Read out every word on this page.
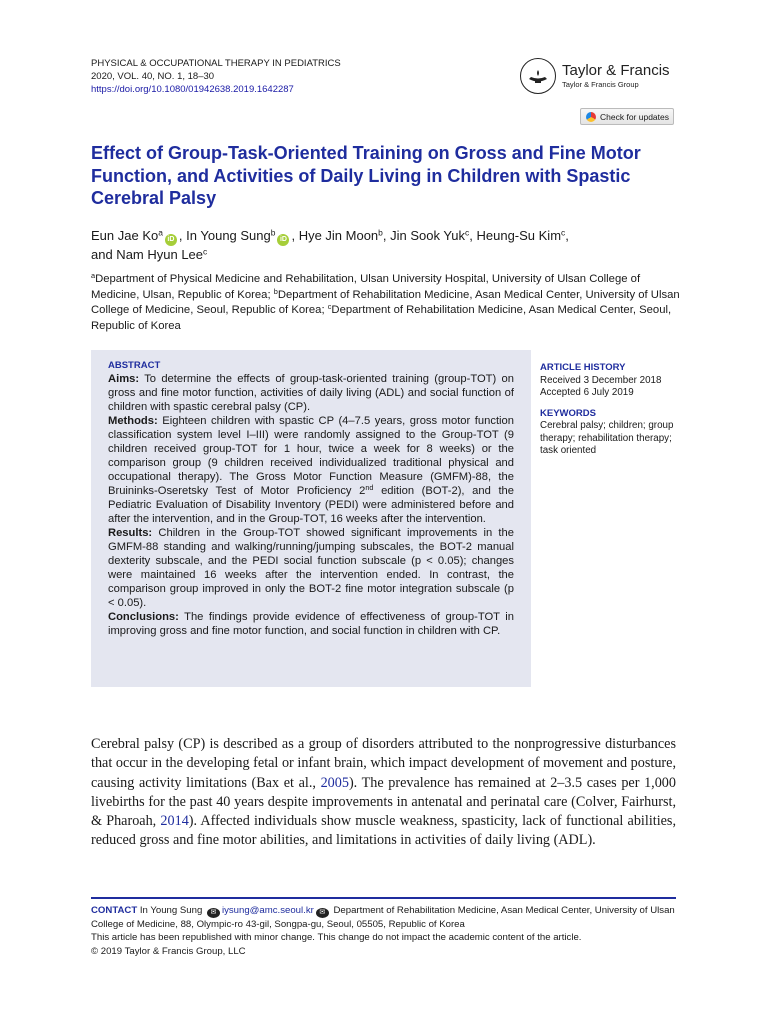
PHYSICAL & OCCUPATIONAL THERAPY IN PEDIATRICS
2020, VOL. 40, NO. 1, 18–30
https://doi.org/10.1080/01942638.2019.1642287
Taylor & Francis
Taylor & Francis Group
Check for updates
Effect of Group-Task-Oriented Training on Gross and Fine Motor Function, and Activities of Daily Living in Children with Spastic Cerebral Palsy
Eun Jae Ko$^a$iD , In Young Sung$^b$iD , Hye Jin Moon$^b$, Jin Sook Yuk$^c$, Heung-Su Kim$^c$,
and Nam Hyun Lee$^c$
$^a$Department of Physical Medicine and Rehabilitation, Ulsan University Hospital, University of Ulsan College of Medicine, Ulsan, Republic of Korea; $^b$Department of Rehabilitation Medicine, Asan Medical Center, University of Ulsan College of Medicine, Seoul, Republic of Korea; $^c$Department of Rehabilitation Medicine, Asan Medical Center, Seoul, Republic of Korea
ABSTRACT

Aims: To determine the effects of group-task-oriented training (group-TOT) on gross and fine motor function, activities of daily living (ADL) and social function of children with spastic cerebral palsy (CP).

Methods: Eighteen children with spastic CP (4–7.5 years, gross motor function classification system level I–III) were randomly assigned to the Group-TOT (9 children received group-TOT for 1 hour, twice a week for 8 weeks) or the comparison group (9 children received individualized traditional physical and occupational therapy). The Gross Motor Function Measure (GMFM)-88, the Bruininks-Oseretsky Test of Motor Proficiency 2nd edition (BOT-2), and the Pediatric Evaluation of Disability Inventory (PEDI) were administered before and after the intervention, and in the Group-TOT, 16 weeks after the intervention.

Results: Children in the Group-TOT showed significant improvements in the GMFM-88 standing and walking/running/jumping subscales, the BOT-2 manual dexterity subscale, and the PEDI social function subscale (p < 0.05); changes were maintained 16 weeks after the intervention ended. In contrast, the comparison group improved in only the BOT-2 fine motor integration subscale (p < 0.05).

Conclusions: The findings provide evidence of effectiveness of group-TOT in improving gross and fine motor function, and social function in children with CP.

ARTICLE HISTORY
Received 3 December 2018
Accepted 6 July 2019
KEYWORDS
Cerebral palsy; children; group therapy; rehabilitation therapy; task oriented

Cerebral palsy (CP) is described as a group of disorders attributed to the nonprogressive disturbances that occur in the developing fetal or infant brain, which impact development of movement and posture, causing activity limitations (Bax et al., 2005). The prevalence has remained at 2–3.5 cases per 1,000 livebirths for the past 40 years despite improvements in antenatal and perinatal care (Colver, Fairhurst, & Pharoah, 2014). Affected individuals show muscle weakness, spasticity, lack of functional abilities, reduced gross and fine motor abilities, and limitations in activities of daily living (ADL).

CONTACT In Young Sung ✉ iysung@amc.seoul.kr ✉ Department of Rehabilitation Medicine, Asan Medical Center, University of Ulsan College of Medicine, 88, Olympic-ro 43-gil, Songpa-gu, Seoul, 05505, Republic of Korea
This article has been republished with minor change. This change do not impact the academic content of the article.
© 2019 Taylor & Francis Group, LLC
